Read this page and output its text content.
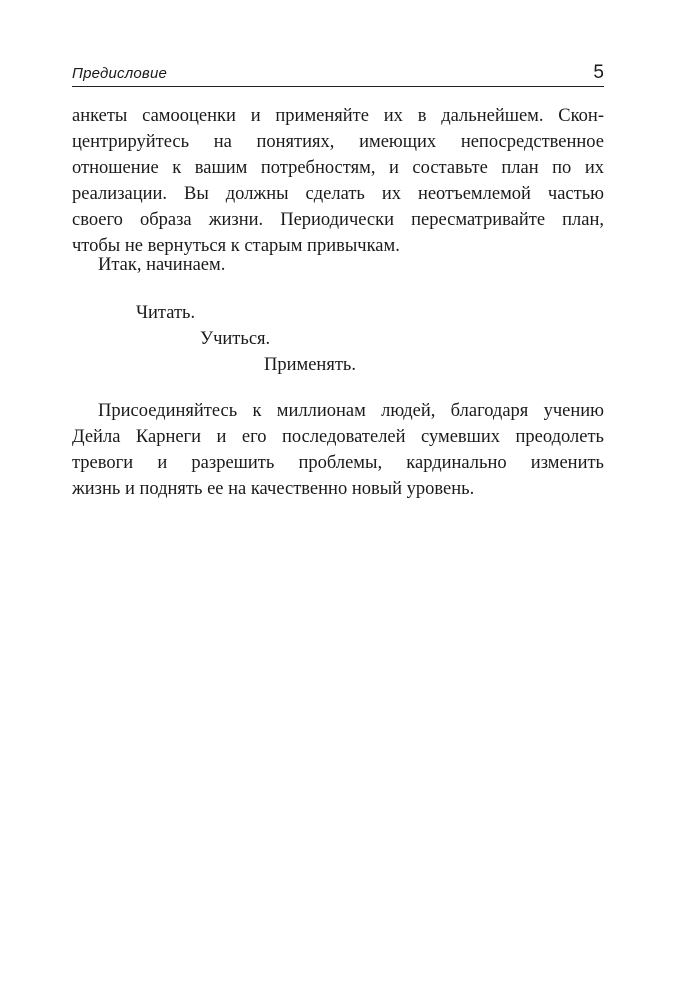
Предисловие	5
анкеты самооценки и применяйте их в дальнейшем. Скон-
центрируйтесь на понятиях, имеющих непосредственное
отношение к вашим потребностям, и составьте план по их
реализации. Вы должны сделать их неотъемлемой частью
своего образа жизни. Периодически пересматривайте план,
чтобы не вернуться к старым привычкам.
Итак, начинаем.
Читать.
Учиться.
Применять.
Присоединяйтесь к миллионам людей, благодаря учению
Дейла Карнеги и его последователей сумевших преодолеть
тревоги и разрешить проблемы, кардинально изменить
жизнь и поднять ее на качественно новый уровень.
